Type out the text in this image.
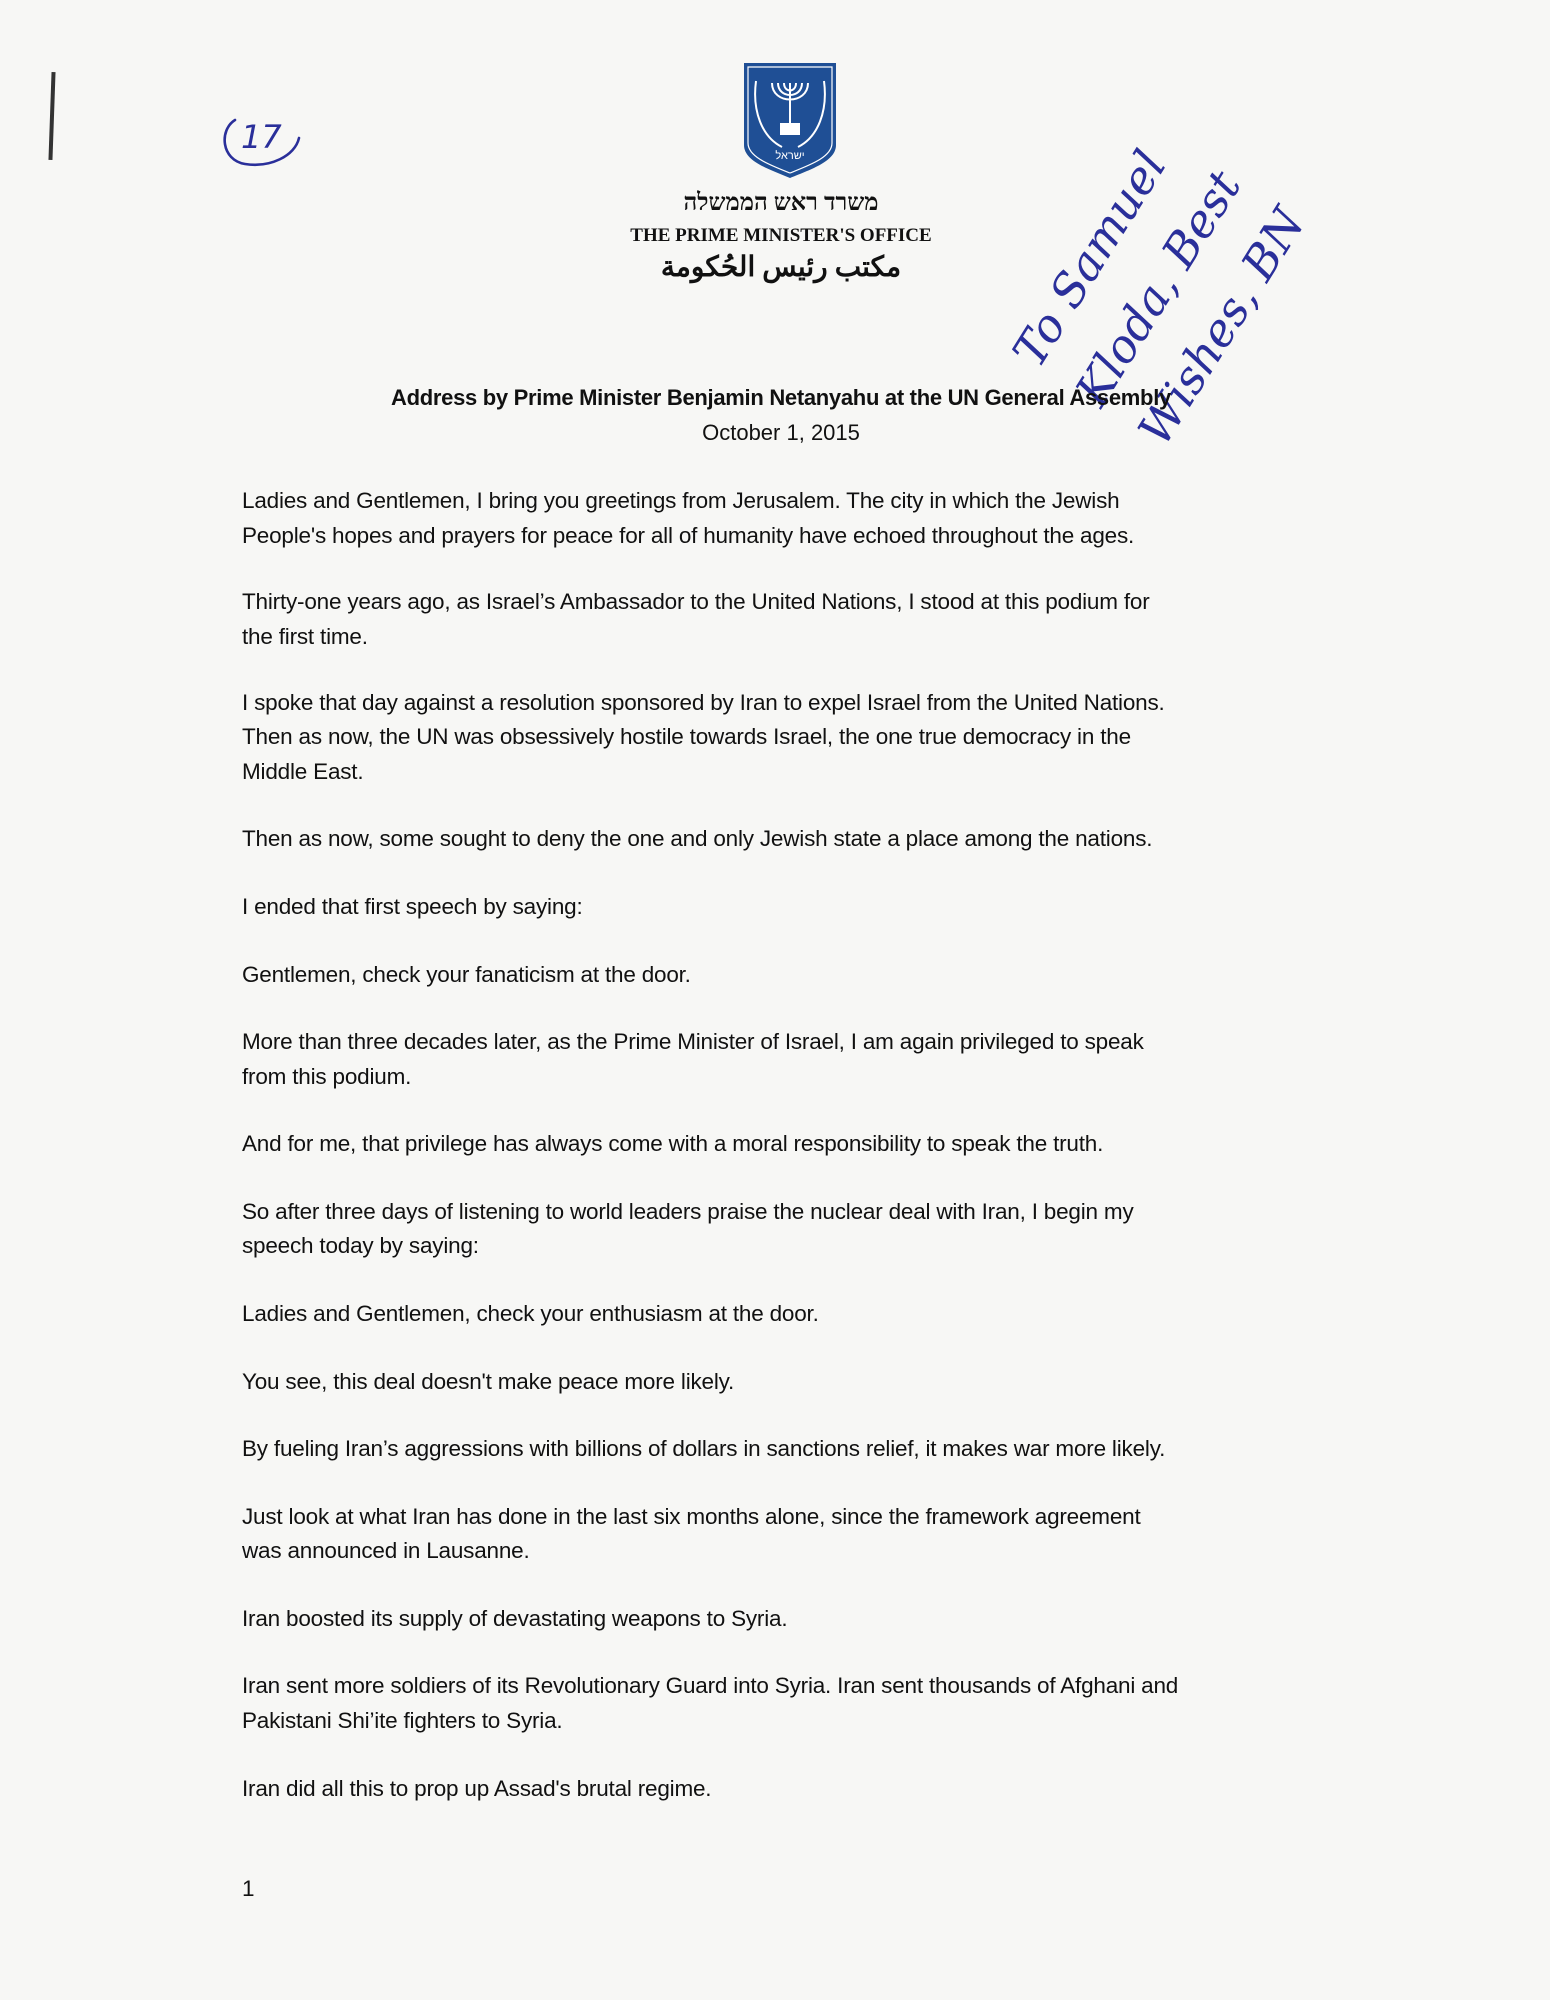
17	ישראל
משרד ראש הממשלה
THE PRIME MINISTER'S OFFICE
مكتب رئيس الحُكومة	To Samuel Kloda, Best Wishes, BN
Address by Prime Minister Benjamin Netanyahu at the UN General Assembly
October 1, 2015
Ladies and Gentlemen, I bring you greetings from Jerusalem. The city in which the Jewish
People's hopes and prayers for peace for all of humanity have echoed throughout the ages.
Thirty-one years ago, as Israel’s Ambassador to the United Nations, I stood at this podium for
the first time.
I spoke that day against a resolution sponsored by Iran to expel Israel from the United Nations.
Then as now, the UN was obsessively hostile towards Israel, the one true democracy in the
Middle East.
Then as now, some sought to deny the one and only Jewish state a place among the nations.
I ended that first speech by saying:
Gentlemen, check your fanaticism at the door.
More than three decades later, as the Prime Minister of Israel, I am again privileged to speak
from this podium.
And for me, that privilege has always come with a moral responsibility to speak the truth.
So after three days of listening to world leaders praise the nuclear deal with Iran, I begin my
speech today by saying:
Ladies and Gentlemen, check your enthusiasm at the door.
You see, this deal doesn't make peace more likely.
By fueling Iran’s aggressions with billions of dollars in sanctions relief, it makes war more likely.
Just look at what Iran has done in the last six months alone, since the framework agreement
was announced in Lausanne.
Iran boosted its supply of devastating weapons to Syria.
Iran sent more soldiers of its Revolutionary Guard into Syria. Iran sent thousands of Afghani and
Pakistani Shi’ite fighters to Syria.
Iran did all this to prop up Assad's brutal regime.
1
